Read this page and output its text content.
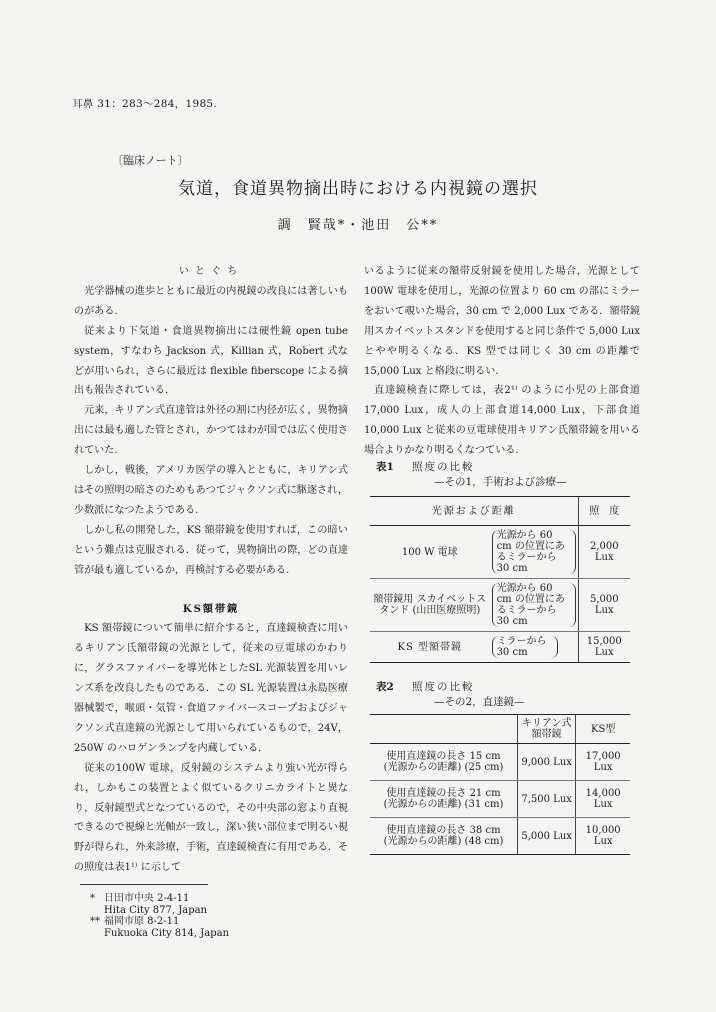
耳鼻 31：283〜284，1985.
〔臨床ノート〕
気道，食道異物摘出時における内視鏡の選択
調　賢哉*・池田　公**
いとぐち

光学器械の進歩とともに最近の内視鏡の改良には著しいものがある.

従来より下気道・食道異物摘出には硬性鏡 open tube system，すなわち Jackson 式，Killian 式，Robert 式などが用いられ，さらに最近は flexible fiberscope による摘出も報告されている.

元来，キリアン式直達管は外径の割に内径が広く，異物摘出には最も適した管とされ，かつてはわが国では広く使用されていた.

しかし，戦後，アメリカ医学の導入とともに，キリアン式はその照明の暗さのためもあつてジャクソン式に駆逐され，少数派になつたようである.

しかし私の開発した，KS 額帯鏡を使用すれば，この暗いという難点は克服される．従って，異物摘出の際，どの直達管が最も適しているか，再検討する必要がある.

KS額帯鏡

KS 額帯鏡について簡単に紹介すると，直達鏡検査に用いるキリアン氏額帯鏡の光源として，従来の豆電球のかわりに，グラスファイバーを導光体としたSL 光源装置を用いレンズ系を改良したものである．この SL 光源装置は永島医療器械製で，喉頭・気管・食道ファイバースコープおよびジャクソン式直達鏡の光源として用いられているもので，24V，250W のハロゲンランプを内蔵している.

従来の100W 電球，反射鏡のシステムより強い光が得られ，しかもこの装置とよく似ているクリニカライトと異なり，反射鏡型式となつているので，その中央部の窓より直視できるので視線と光軸が一致し，深い狭い部位まで明るい視野が得られ，外来診療，手術，直達鏡検査に有用である．その照度は表1¹⁾ に示して

いるように従来の額帯反射鏡を使用した場合，光源として100W 電球を使用し，光源の位置より 60 cm の部にミラーをおいて覗いた場合，30 cm で 2,000 Lux である．額帯鏡用スカイベットスタンドを使用すると同じ条件で 5,000 Lux とやや明るくなる．KS 型では同じく 30 cm の距離で 15,000 Lux と格段に明るい.

直達鏡検査に際しては，表2¹⁾ のように小児の上部食道17,000 Lux，成人の上部食道14,000 Lux，下部食道10,000 Lux と従来の豆電球使用キリアン氏額帯鏡を用いる場合よりかなり明るくなつている.

表1 照度の比較
—その1，手術および診療—
光源および距離		照　度
100 W 電球	光源から 60 cm の位置にあるミラーから 30 cm	2,000 Lux
額帯鏡用 スカイベットスタンド (山田医療照明)	光源から 60 cm の位置にあるミラーから 30 cm	5,000 Lux
KS 型額帯鏡	ミラーから 30 cm	15,000 Lux
表2 照度の比較
—その2，直達鏡—
	キリアン式 額帯鏡	KS型

使用直達鏡の長さ 15 cm
(光源からの距離) (25 cm)	9,000 Lux	17,000 Lux

使用直達鏡の長さ 21 cm
(光源からの距離) (31 cm)	7,500 Lux	14,000 Lux

使用直達鏡の長さ 38 cm
(光源からの距離) (48 cm)	5,000 Lux	10,000 Lux
* 日田市中央 2-4-11
Hita City 877, Japan
** 福岡市原 8-2-11
Fukuoka City 814, Japan
